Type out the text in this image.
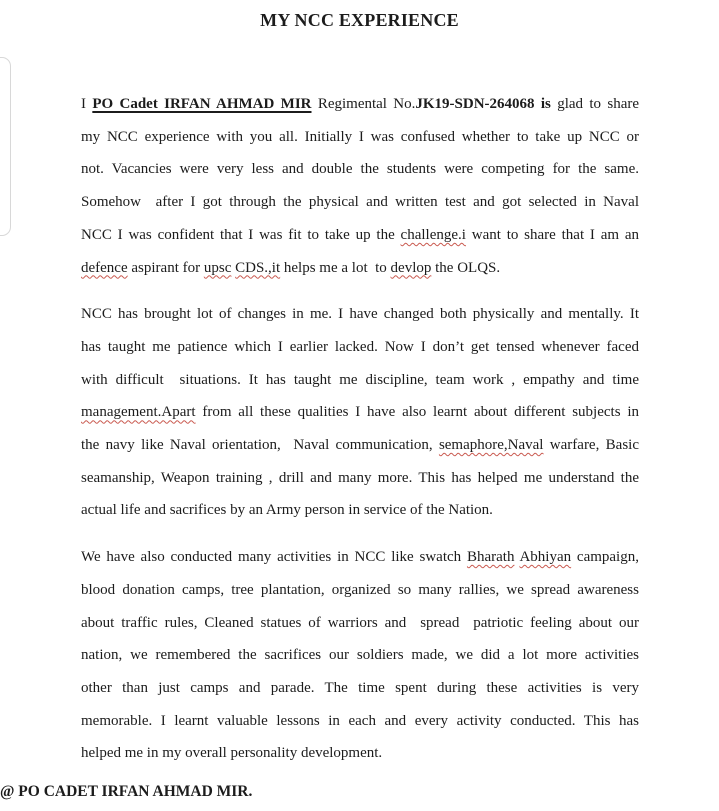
MY NCC EXPERIENCE
I PO Cadet IRFAN AHMAD MIR Regimental No.JK19-SDN-264068 is glad to share
my NCC experience with you all. Initially I was confused whether to take up NCC or
not. Vacancies were very less and double the students were competing for the same.
Somehow  after I got through the physical and written test and got selected in Naval
NCC I was confident that I was fit to take up the challenge.i want to share that I am an
defence aspirant for upsc CDS.,it helps me a lot  to devlop the OLQS.
NCC has brought lot of changes in me. I have changed both physically and mentally. It
has taught me patience which I earlier lacked. Now I don’t get tensed whenever faced
with difficult  situations. It has taught me discipline, team work , empathy and time
management.Apart from all these qualities I have also learnt about different subjects in
the navy like Naval orientation,  Naval communication, semaphore,Naval warfare, Basic
seamanship, Weapon training , drill and many more. This has helped me understand the
actual life and sacrifices by an Army person in service of the Nation.
We have also conducted many activities in NCC like swatch Bharath Abhiyan campaign,
blood donation camps, tree plantation, organized so many rallies, we spread awareness
about traffic rules, Cleaned statues of warriors and  spread  patriotic feeling about our
nation, we remembered the sacrifices our soldiers made, we did a lot more activities
other than just camps and parade. The time spent during these activities is very
memorable. I learnt valuable lessons in each and every activity conducted. This has
helped me in my overall personality development.

@ PO CADET IRFAN AHMAD MIR.
